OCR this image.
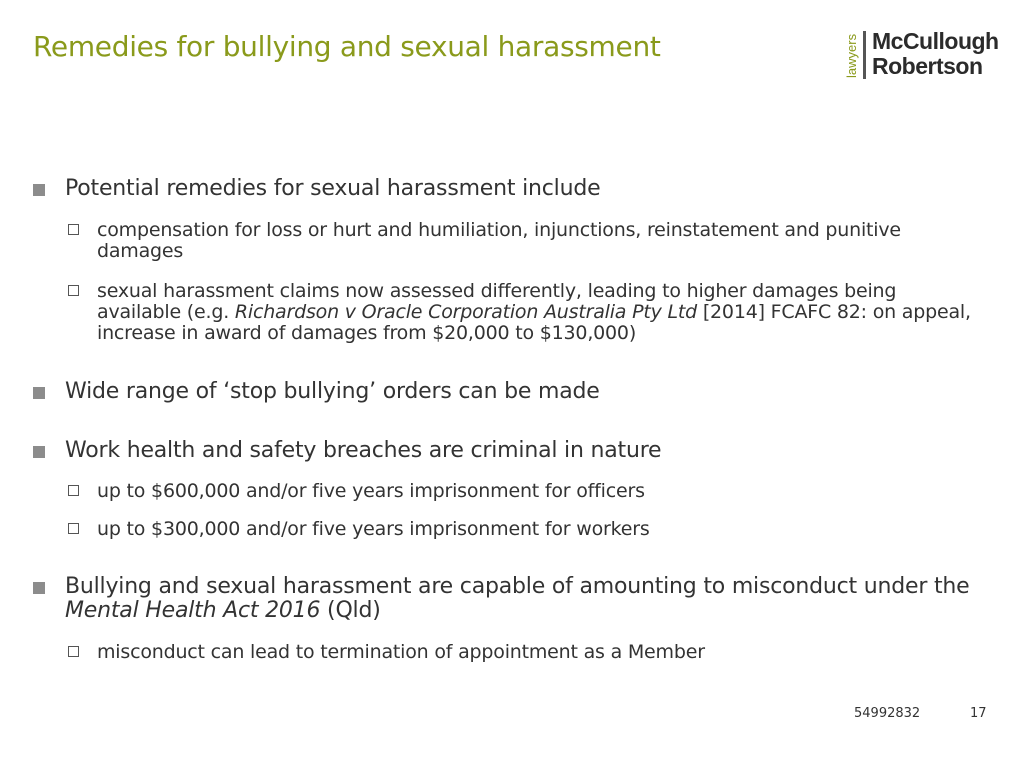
Remedies for bullying and sexual harassment	lawyers McCullough
Robertson
Potential remedies for sexual harassment include
compensation for loss or hurt and humiliation, injunctions, reinstatement and punitive damages
sexual harassment claims now assessed differently, leading to higher damages being available (e.g. Richardson v Oracle Corporation Australia Pty Ltd [2014] FCAFC 82: on appeal, increase in award of damages from $20,000 to $130,000)
Wide range of ‘stop bullying’ orders can be made
Work health and safety breaches are criminal in nature
up to $600,000 and/or five years imprisonment for officers
up to $300,000 and/or five years imprisonment for workers
Bullying and sexual harassment are capable of amounting to misconduct under the Mental Health Act 2016 (Qld)
misconduct can lead to termination of appointment as a Member
54992832	17
